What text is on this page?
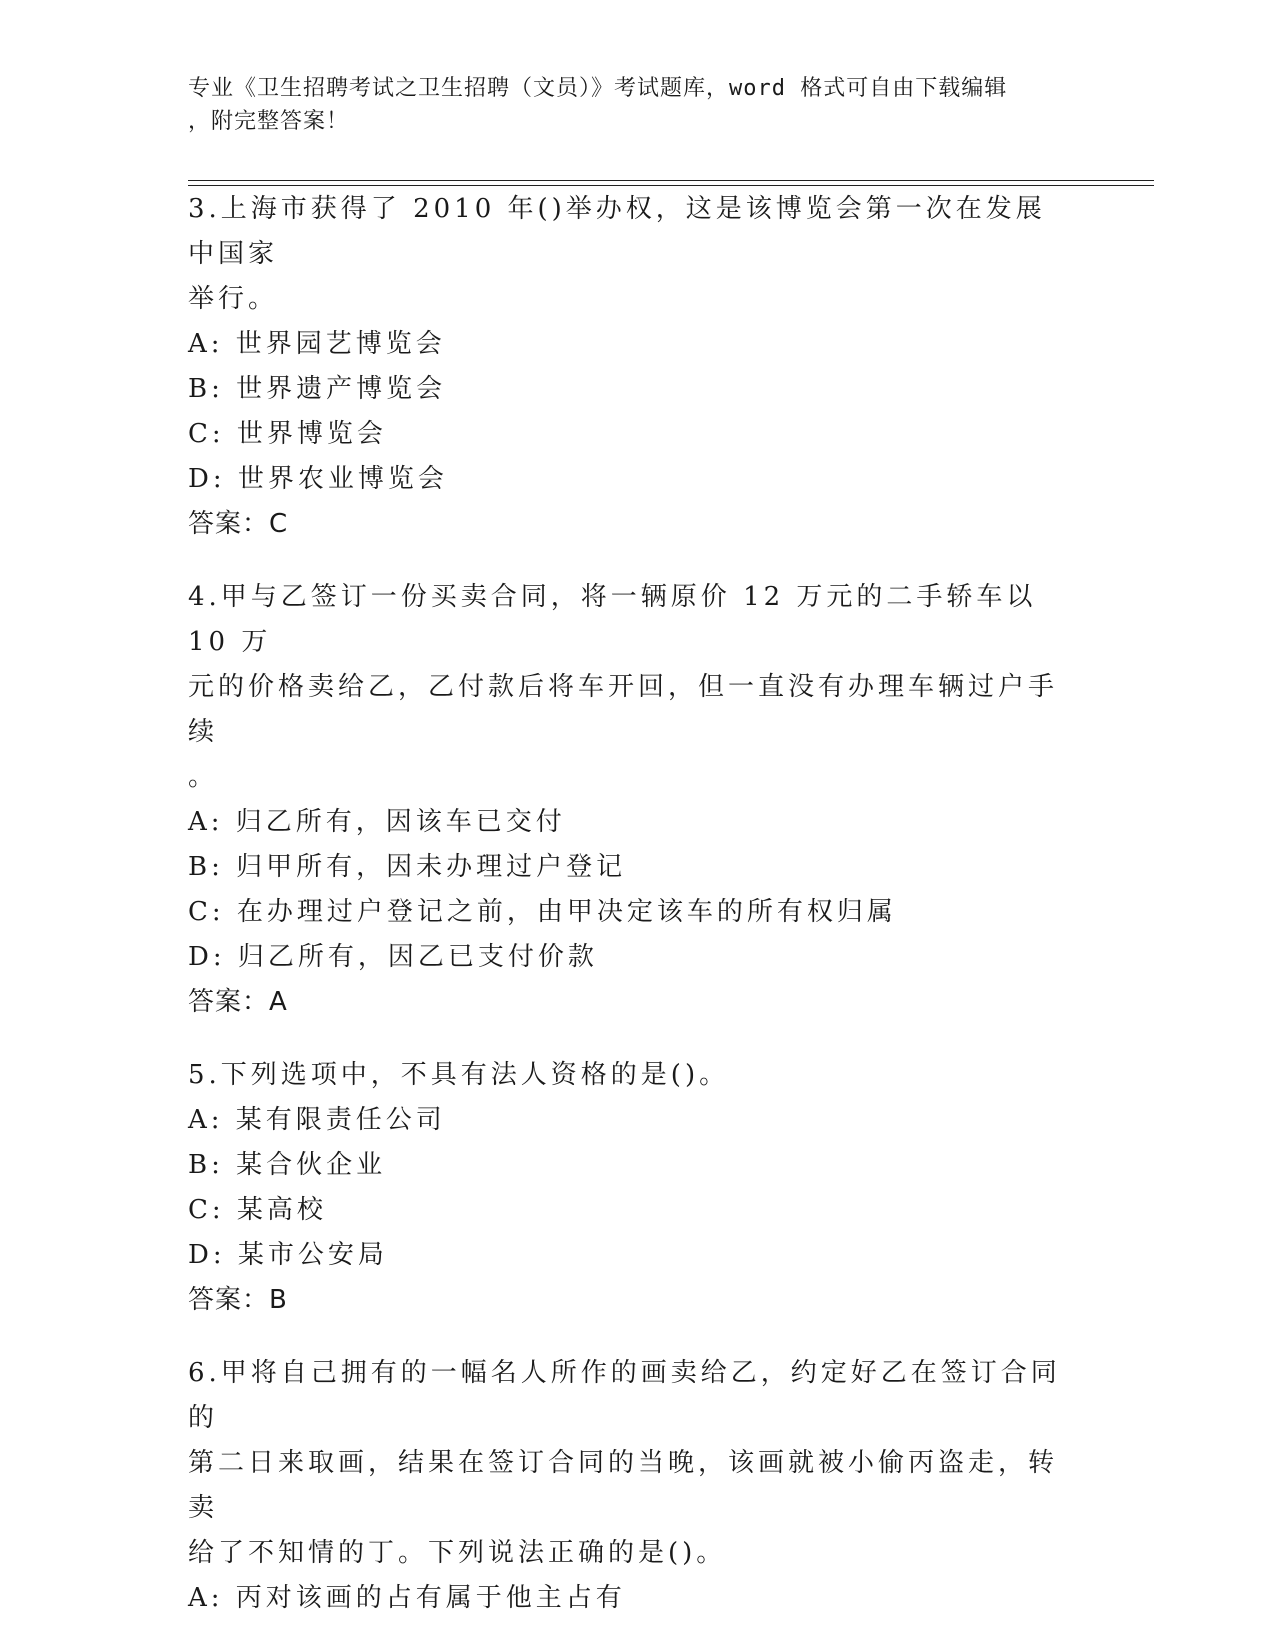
专业《卫生招聘考试之卫生招聘（文员）》考试题库，word 格式可自由下载编辑
，附完整答案！

3.上海市获得了 2010 年()举办权，这是该博览会第一次在发展中国家

举行。

A: 世界园艺博览会

B: 世界遗产博览会

C: 世界博览会

D: 世界农业博览会

答案：C

4.甲与乙签订一份买卖合同，将一辆原价 12 万元的二手轿车以 10 万

元的价格卖给乙，乙付款后将车开回，但一直没有办理车辆过户手续

。

A: 归乙所有，因该车已交付

B: 归甲所有，因未办理过户登记

C: 在办理过户登记之前，由甲决定该车的所有权归属

D: 归乙所有，因乙已支付价款

答案：A

5.下列选项中，不具有法人资格的是()。

A: 某有限责任公司

B: 某合伙企业

C: 某高校

D: 某市公安局

答案：B

6.甲将自己拥有的一幅名人所作的画卖给乙，约定好乙在签订合同的

第二日来取画，结果在签订合同的当晚，该画就被小偷丙盗走，转卖

给了不知情的丁。下列说法正确的是()。

A: 丙对该画的占有属于他主占有
